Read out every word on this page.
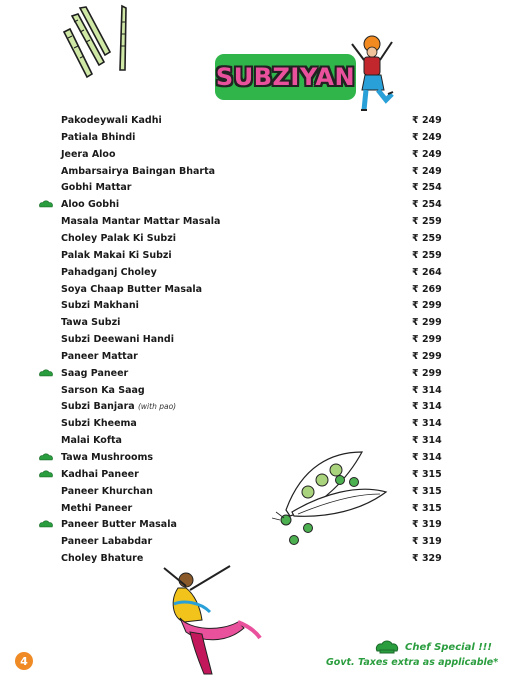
SUBZIYAN
Pakodeywali Kadhi	₹ 249
Patiala Bhindi	₹ 249
Jeera Aloo	₹ 249
Ambarsairya Baingan Bharta	₹ 249
Gobhi Mattar	₹ 254
Aloo Gobhi	₹ 254
Masala Mantar Mattar Masala	₹ 259
Choley Palak Ki Subzi	₹ 259
Palak Makai Ki Subzi	₹ 259
Pahadganj Choley	₹ 264
Soya Chaap Butter Masala	₹ 269
Subzi Makhani	₹ 299
Tawa Subzi	₹ 299
Subzi Deewani Handi	₹ 299
Paneer Mattar	₹ 299
Saag Paneer	₹ 299
Sarson Ka Saag	₹ 314
Subzi Banjara (with pao)	₹ 314
Subzi Kheema	₹ 314
Malai Kofta	₹ 314
Tawa Mushrooms	₹ 314
Kadhai Paneer	₹ 315
Paneer Khurchan	₹ 315
Methi Paneer	₹ 315
Paneer Butter Masala	₹ 319
Paneer Lababdar	₹ 319
Choley Bhature	₹ 329
4
Chef Special !!!
Govt. Taxes extra as applicable*
